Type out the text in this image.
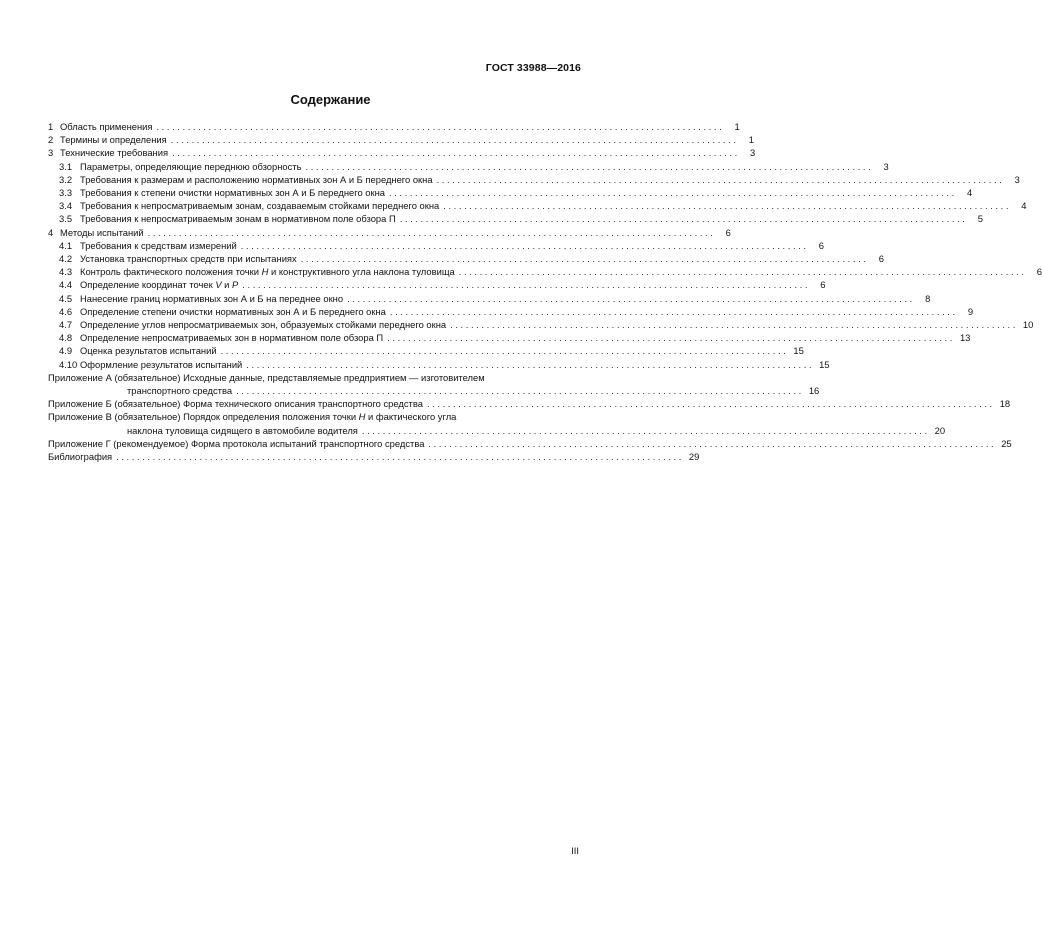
ГОСТ 33988—2016
Содержание
1 Область применения . . .	1
2 Термины и определения . . .	1
3 Технические требования . . .	3
3.1 Параметры, определяющие переднюю обзорность . . .	3
3.2 Требования к размерам и расположению нормативных зон А и Б переднего окна . . .	3
3.3 Требования к степени очистки нормативных зон А и Б переднего окна . . .	4
3.4 Требования к непросматриваемым зонам, создаваемым стойками переднего окна . . .	4
3.5 Требования к непросматриваемым зонам в нормативном поле обзора П . . .	5
4 Методы испытаний . . .	6
4.1 Требования к средствам измерений . . .	6
4.2 Установка транспортных средств при испытаниях . . .	6
4.3 Контроль фактического положения точки H и конструктивного угла наклона туловища . . .	6
4.4 Определение координат точек V и P . . .	6
4.5 Нанесение границ нормативных зон А и Б на переднее окно . . .	8
4.6 Определение степени очистки нормативных зон А и Б переднего окна . . .	9
4.7 Определение углов непросматриваемых зон, образуемых стойками переднего окна . . .	10
4.8 Определение непросматриваемых зон в нормативном поле обзора П . . .	13
4.9 Оценка результатов испытаний . . .	15
4.10 Оформление результатов испытаний . . .	15
Приложение А (обязательное) Исходные данные, представляемые предприятием — изготовителем
транспортного средства . . .	16
Приложение Б (обязательное) Форма технического описания транспортного средства . . .	18
Приложение В (обязательное) Порядок определения положения точки H и фактического угла
наклона туловища сидящего в автомобиле водителя . . .	20
Приложение Г (рекомендуемое) Форма протокола испытаний транспортного средства . . .	25
Библиография . . .	29
III
